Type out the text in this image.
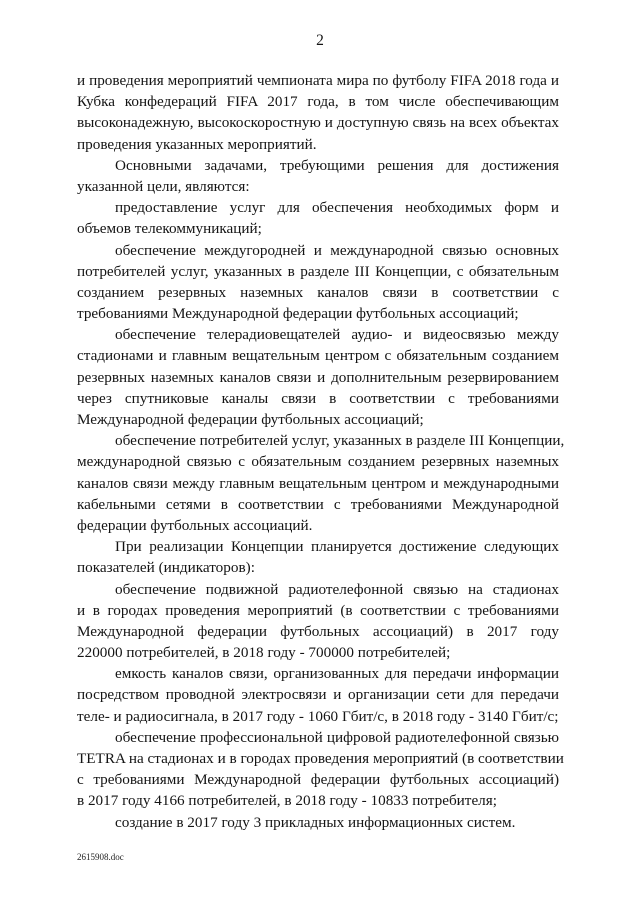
2
и проведения мероприятий чемпионата мира по футболу FIFA 2018 года и
Кубка конфедераций FIFA 2017 года, в том числе обеспечивающим
высоконадежную, высокоскоростную и доступную связь на всех объектах
проведения указанных мероприятий.
Основными задачами, требующими решения для достижения
указанной цели, являются:
предоставление услуг для обеспечения необходимых форм и
объемов телекоммуникаций;
обеспечение междугородней и международной связью основных
потребителей услуг, указанных в разделе III Концепции, с обязательным
созданием резервных наземных каналов связи в соответствии с
требованиями Международной федерации футбольных ассоциаций;
обеспечение телерадиовещателей аудио- и видеосвязью между
стадионами и главным вещательным центром с обязательным созданием
резервных наземных каналов связи и дополнительным резервированием
через спутниковые каналы связи в соответствии с требованиями
Международной федерации футбольных ассоциаций;
обеспечение потребителей услуг, указанных в разделе III Концепции,
международной связью с обязательным созданием резервных наземных
каналов связи между главным вещательным центром и международными
кабельными сетями в соответствии с требованиями Международной
федерации футбольных ассоциаций.
При реализации Концепции планируется достижение следующих
показателей (индикаторов):
обеспечение подвижной радиотелефонной связью на стадионах
и в городах проведения мероприятий (в соответствии с требованиями
Международной федерации футбольных ассоциаций) в 2017 году
220000 потребителей, в 2018 году - 700000 потребителей;
емкость каналов связи, организованных для передачи информации
посредством проводной электросвязи и организации сети для передачи
теле- и радиосигнала, в 2017 году - 1060 Гбит/с, в 2018 году - 3140 Гбит/с;
обеспечение профессиональной цифровой радиотелефонной связью
TETRA на стадионах и в городах проведения мероприятий (в соответствии
с требованиями Международной федерации футбольных ассоциаций)
в 2017 году 4166 потребителей, в 2018 году - 10833 потребителя;
создание в 2017 году 3 прикладных информационных систем.
2615908.doc
